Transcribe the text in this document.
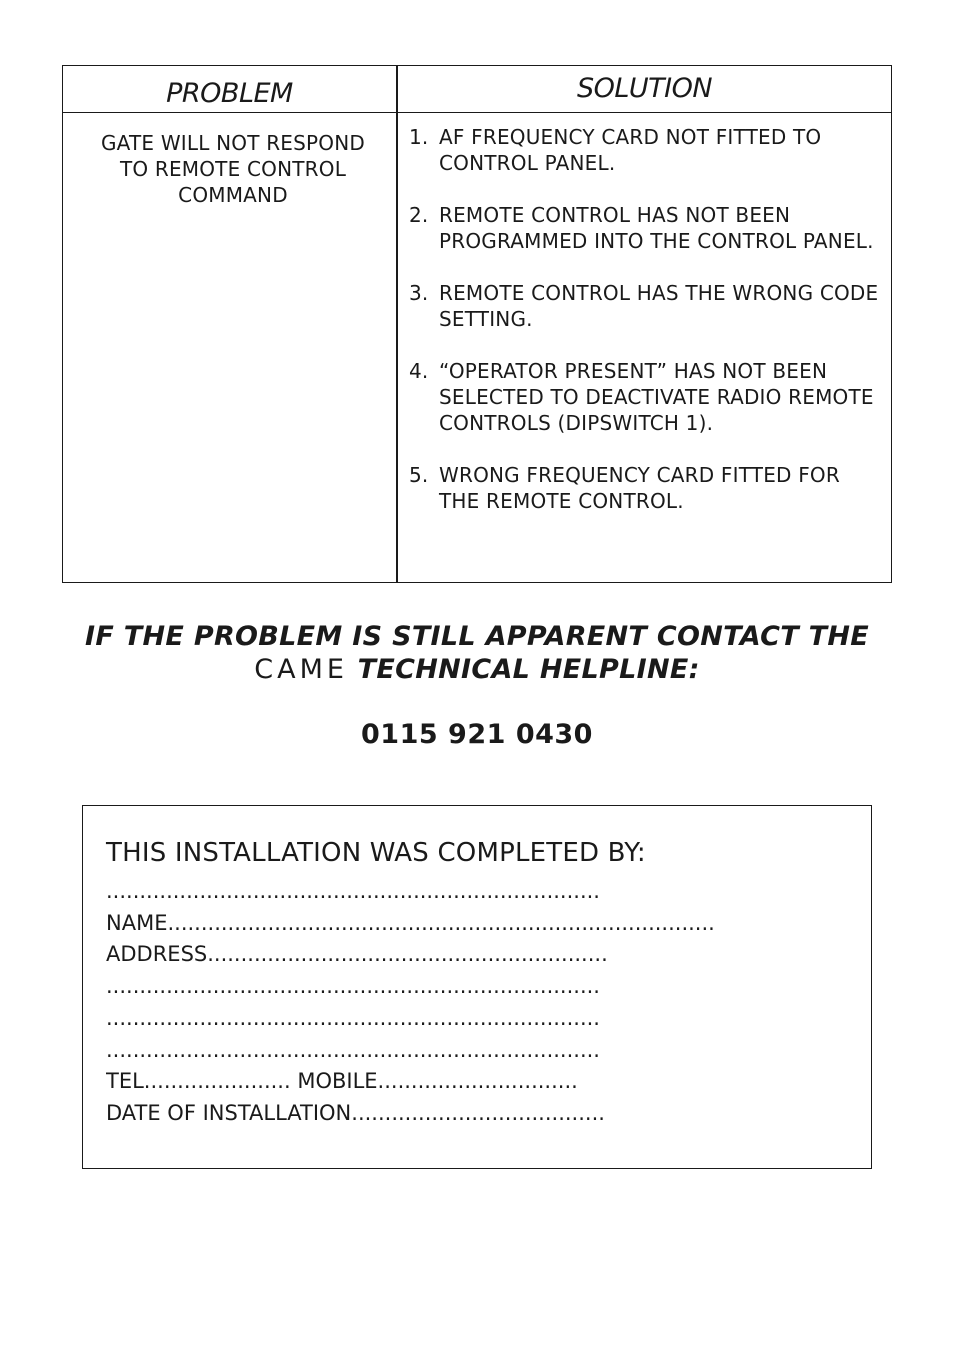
PROBLEM	SOLUTION
GATE WILL NOT RESPOND
TO REMOTE CONTROL
COMMAND
1. AF FREQUENCY CARD NOT FITTED TO CONTROL PANEL.
2. REMOTE CONTROL HAS NOT BEEN PROGRAMMED INTO THE CONTROL PANEL.
3. REMOTE CONTROL HAS THE WRONG CODE SETTING.
4. “OPERATOR PRESENT” HAS NOT BEEN SELECTED TO DEACTIVATE RADIO REMOTE CONTROLS (DIPSWITCH 1).
5. WRONG FREQUENCY CARD FITTED FOR THE REMOTE CONTROL.
IF THE PROBLEM IS STILL APPARENT CONTACT THE
CAME TECHNICAL HELPLINE:
0115 921 0430
THIS INSTALLATION WAS COMPLETED BY:
..........................................................................
NAME..................................................................................
ADDRESS............................................................
..........................................................................
..........................................................................
..........................................................................
TEL...................... MOBILE..............................
DATE OF INSTALLATION......................................
